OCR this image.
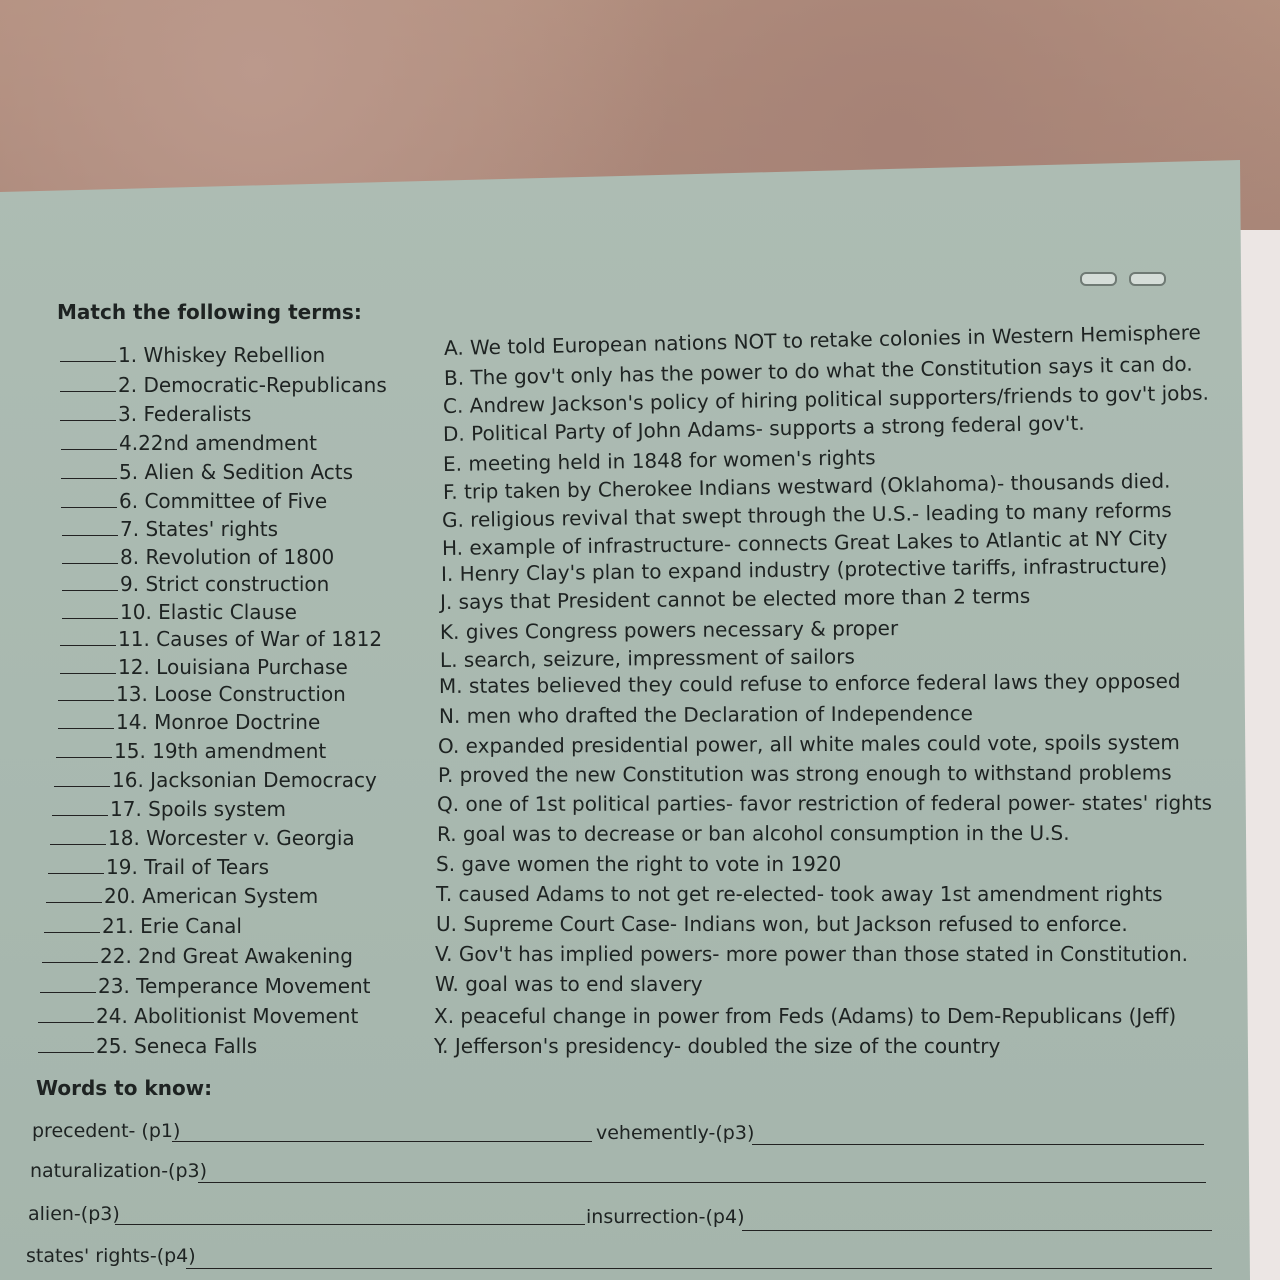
Match the following terms:
1. Whiskey Rebellion
2. Democratic-Republicans
3. Federalists
4.22nd amendment
5. Alien & Sedition Acts
6. Committee of Five
7. States' rights
8. Revolution of 1800
9. Strict construction
10. Elastic Clause
11. Causes of War of 1812
12. Louisiana Purchase
13. Loose Construction
14. Monroe Doctrine
15. 19th amendment
16. Jacksonian Democracy
17. Spoils system
18. Worcester v. Georgia
19. Trail of Tears
20. American System
21. Erie Canal
22. 2nd Great Awakening
23. Temperance Movement
24. Abolitionist Movement
25. Seneca Falls
A. We told European nations NOT to retake colonies in Western Hemisphere
B. The gov't only has the power to do what the Constitution says it can do.
C. Andrew Jackson's policy of hiring political supporters/friends to gov't jobs.
D. Political Party of John Adams- supports a strong federal gov't.
E. meeting held in 1848 for women's rights
F. trip taken by Cherokee Indians westward (Oklahoma)- thousands died.
G. religious revival that swept through the U.S.- leading to many reforms
H. example of infrastructure- connects Great Lakes to Atlantic at NY City
I. Henry Clay's plan to expand industry (protective tariffs, infrastructure)
J. says that President cannot be elected more than 2 terms
K. gives Congress powers necessary & proper
L. search, seizure, impressment of sailors
M. states believed they could refuse to enforce federal laws they opposed
N. men who drafted the Declaration of Independence
O. expanded presidential power, all white males could vote, spoils system
P. proved the new Constitution was strong enough to withstand problems
Q. one of 1st political parties- favor restriction of federal power- states' rights
R. goal was to decrease or ban alcohol consumption in the U.S.
S. gave women the right to vote in 1920
T. caused Adams to not get re-elected- took away 1st amendment rights
U. Supreme Court Case- Indians won, but Jackson refused to enforce.
V. Gov't has implied powers- more power than those stated in Constitution.
W. goal was to end slavery
X. peaceful change in power from Feds (Adams) to Dem-Republicans (Jeff)
Y. Jefferson's presidency- doubled the size of the country
Words to know:
precedent- (p1)	vehemently-(p3)
naturalization-(p3)
alien-(p3)	insurrection-(p4)
states' rights-(p4)
